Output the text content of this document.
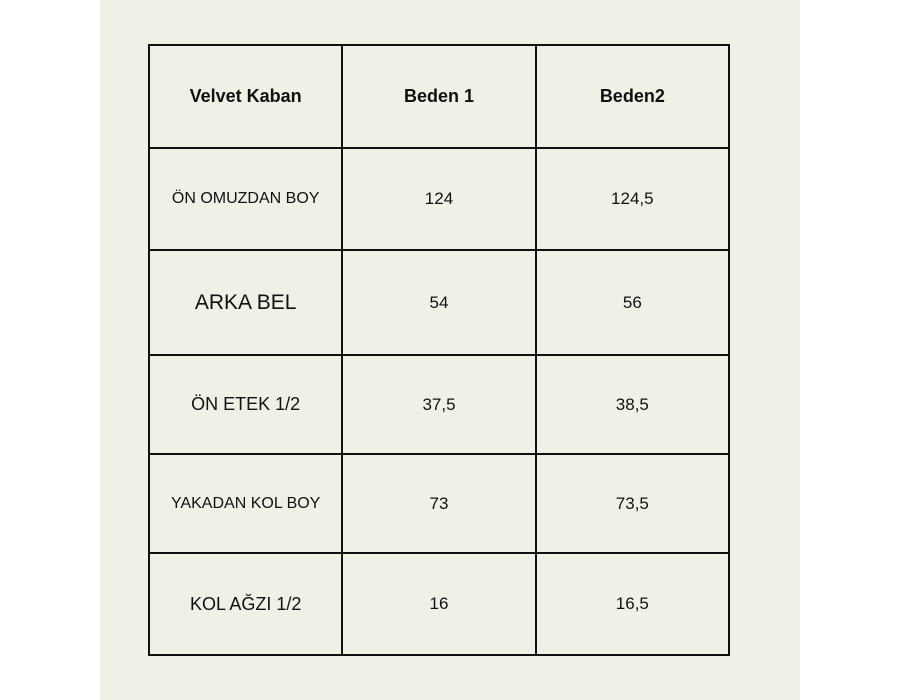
Velvet Kaban	Beden 1	Beden2
ÖN OMUZDAN BOY	124	124,5
ARKA BEL	54	56
ÖN ETEK 1/2	37,5	38,5
YAKADAN KOL BOY	73	73,5
KOL AĞZI 1/2	16	16,5
